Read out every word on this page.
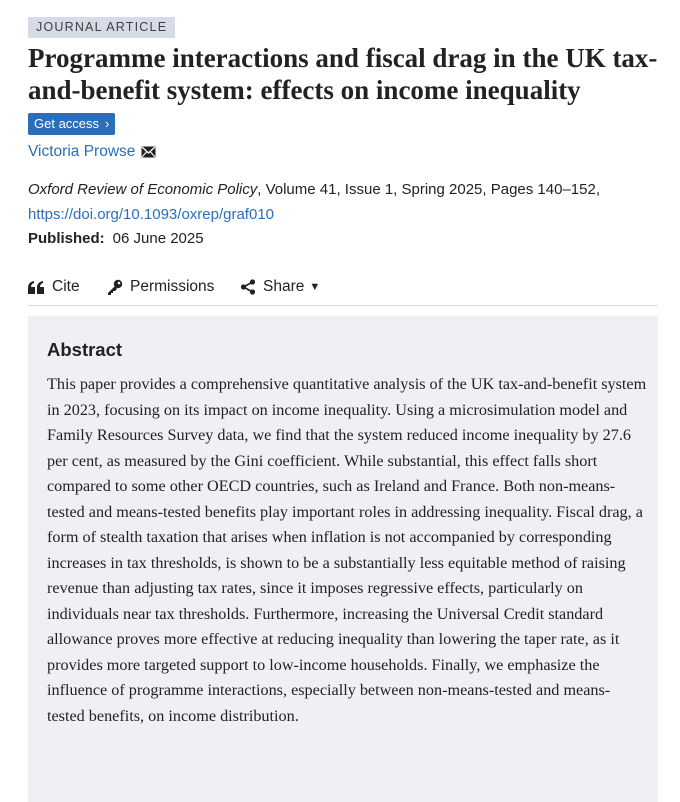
JOURNAL ARTICLE
Programme interactions and fiscal drag in the UK tax-and-benefit system: effects on income inequality
Get access ›
Victoria Prowse
Oxford Review of Economic Policy, Volume 41, Issue 1, Spring 2025, Pages 140–152,
https://doi.org/10.1093/oxrep/graf010
Published: 06 June 2025
Cite	Permissions	Share ▼
Abstract

This paper provides a comprehensive quantitative analysis of the UK tax-and-benefit system in 2023, focusing on its impact on income inequality. Using a microsimulation model and Family Resources Survey data, we find that the system reduced income inequality by 27.6 per cent, as measured by the Gini coefficient. While substantial, this effect falls short compared to some other OECD countries, such as Ireland and France. Both non-means-tested and means-tested benefits play important roles in addressing inequality. Fiscal drag, a form of stealth taxation that arises when inflation is not accompanied by corresponding increases in tax thresholds, is shown to be a substantially less equitable method of raising revenue than adjusting tax rates, since it imposes regressive effects, particularly on individuals near tax thresholds. Furthermore, increasing the Universal Credit standard allowance proves more effective at reducing inequality than lowering the taper rate, as it provides more targeted support to low-income households. Finally, we emphasize the influence of programme interactions, especially between non-means-tested and means-tested benefits, on income distribution.
